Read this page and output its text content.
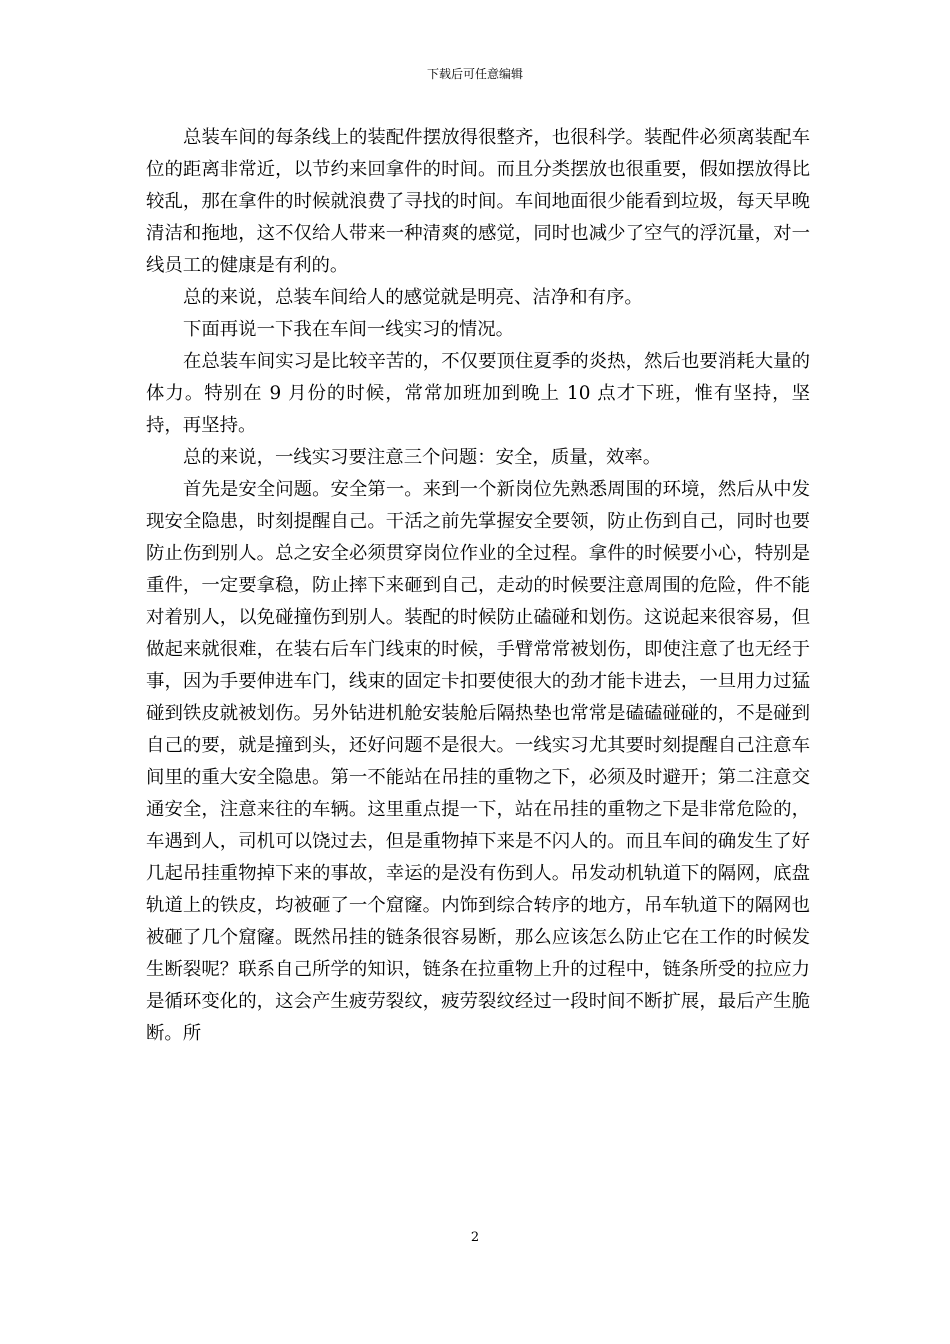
下载后可任意编辑

总装车间的每条线上的装配件摆放得很整齐，也很科学。装配件必须离装配车位的距离非常近，以节约来回拿件的时间。而且分类摆放也很重要，假如摆放得比较乱，那在拿件的时候就浪费了寻找的时间。车间地面很少能看到垃圾，每天早晚清洁和拖地，这不仅给人带来一种清爽的感觉，同时也减少了空气的浮沉量，对一线员工的健康是有利的。

总的来说，总装车间给人的感觉就是明亮、洁净和有序。

下面再说一下我在车间一线实习的情况。

在总装车间实习是比较辛苦的，不仅要顶住夏季的炎热，然后也要消耗大量的体力。特别在 9 月份的时候，常常加班加到晚上 10 点才下班，惟有坚持，坚持，再坚持。

总的来说，一线实习要注意三个问题：安全，质量，效率。

首先是安全问题。安全第一。来到一个新岗位先熟悉周围的环境，然后从中发现安全隐患，时刻提醒自己。干活之前先掌握安全要领，防止伤到自己，同时也要防止伤到别人。总之安全必须贯穿岗位作业的全过程。拿件的时候要小心，特别是重件，一定要拿稳，防止摔下来砸到自己，走动的时候要注意周围的危险，件不能对着别人，以免碰撞伤到别人。装配的时候防止磕碰和划伤。这说起来很容易，但做起来就很难，在装右后车门线束的时候，手臂常常被划伤，即使注意了也无经于事，因为手要伸进车门，线束的固定卡扣要使很大的劲才能卡进去，一旦用力过猛碰到铁皮就被划伤。另外钻进机舱安装舱后隔热垫也常常是磕磕碰碰的，不是碰到自己的要，就是撞到头，还好问题不是很大。一线实习尤其要时刻提醒自己注意车间里的重大安全隐患。第一不能站在吊挂的重物之下，必须及时避开；第二注意交通安全，注意来往的车辆。这里重点提一下，站在吊挂的重物之下是非常危险的，车遇到人，司机可以饶过去，但是重物掉下来是不闪人的。而且车间的确发生了好几起吊挂重物掉下来的事故，幸运的是没有伤到人。吊发动机轨道下的隔网，底盘轨道上的铁皮，均被砸了一个窟窿。内饰到综合转序的地方，吊车轨道下的隔网也被砸了几个窟窿。既然吊挂的链条很容易断，那么应该怎么防止它在工作的时候发生断裂呢？联系自己所学的知识，链条在拉重物上升的过程中，链条所受的拉应力是循环变化的，这会产生疲劳裂纹，疲劳裂纹经过一段时间不断扩展，最后产生脆断。所

2
